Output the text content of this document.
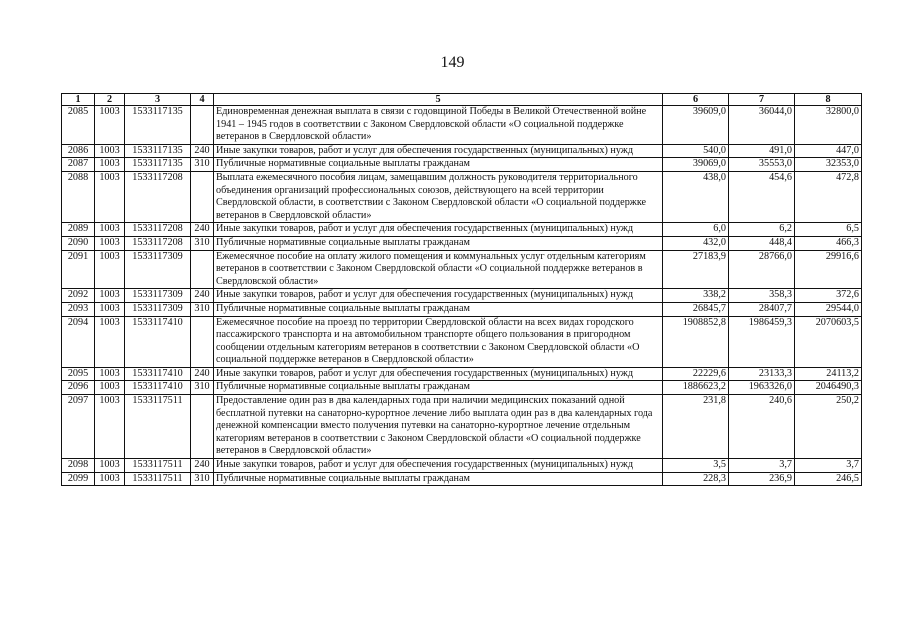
149
1	2	3	4	5	6	7	8
2085	1003	1533117135		Единовременная денежная выплата в связи с годовщиной Победы в Великой Отечественной войне 1941 – 1945 годов в соответствии с Законом Свердловской области «О социальной поддержке ветеранов в Свердловской области»	39609,0	36044,0	32800,0
2086	1003	1533117135	240	Иные закупки товаров, работ и услуг для обеспечения государственных (муниципальных) нужд	540,0	491,0	447,0
2087	1003	1533117135	310	Публичные нормативные социальные выплаты гражданам	39069,0	35553,0	32353,0
2088	1003	1533117208		Выплата ежемесячного пособия лицам, замещавшим должность руководителя территориального объединения организаций профессиональных союзов, действующего на всей территории Свердловской области, в соответствии с Законом Свердловской области «О социальной поддержке ветеранов в Свердловской области»	438,0	454,6	472,8
2089	1003	1533117208	240	Иные закупки товаров, работ и услуг для обеспечения государственных (муниципальных) нужд	6,0	6,2	6,5
2090	1003	1533117208	310	Публичные нормативные социальные выплаты гражданам	432,0	448,4	466,3
2091	1003	1533117309		Ежемесячное пособие на оплату жилого помещения и коммунальных услуг отдельным категориям ветеранов в соответствии с Законом Свердловской области «О социальной поддержке ветеранов в Свердловской области»	27183,9	28766,0	29916,6
2092	1003	1533117309	240	Иные закупки товаров, работ и услуг для обеспечения государственных (муниципальных) нужд	338,2	358,3	372,6
2093	1003	1533117309	310	Публичные нормативные социальные выплаты гражданам	26845,7	28407,7	29544,0
2094	1003	1533117410		Ежемесячное пособие на проезд по территории Свердловской области на всех видах городского пассажирского транспорта и на автомобильном транспорте общего пользования в пригородном сообщении отдельным категориям ветеранов в соответствии с Законом Свердловской области «О социальной поддержке ветеранов в Свердловской области»	1908852,8	1986459,3	2070603,5
2095	1003	1533117410	240	Иные закупки товаров, работ и услуг для обеспечения государственных (муниципальных) нужд	22229,6	23133,3	24113,2
2096	1003	1533117410	310	Публичные нормативные социальные выплаты гражданам	1886623,2	1963326,0	2046490,3
2097	1003	1533117511		Предоставление один раз в два календарных года при наличии медицинских показаний одной бесплатной путевки на санаторно-курортное лечение либо выплата один раз в два календарных года денежной компенсации вместо получения путевки на санаторно-курортное лечение отдельным категориям ветеранов в соответствии с Законом Свердловской области «О социальной поддержке ветеранов в Свердловской области»	231,8	240,6	250,2
2098	1003	1533117511	240	Иные закупки товаров, работ и услуг для обеспечения государственных (муниципальных) нужд	3,5	3,7	3,7
2099	1003	1533117511	310	Публичные нормативные социальные выплаты гражданам	228,3	236,9	246,5
